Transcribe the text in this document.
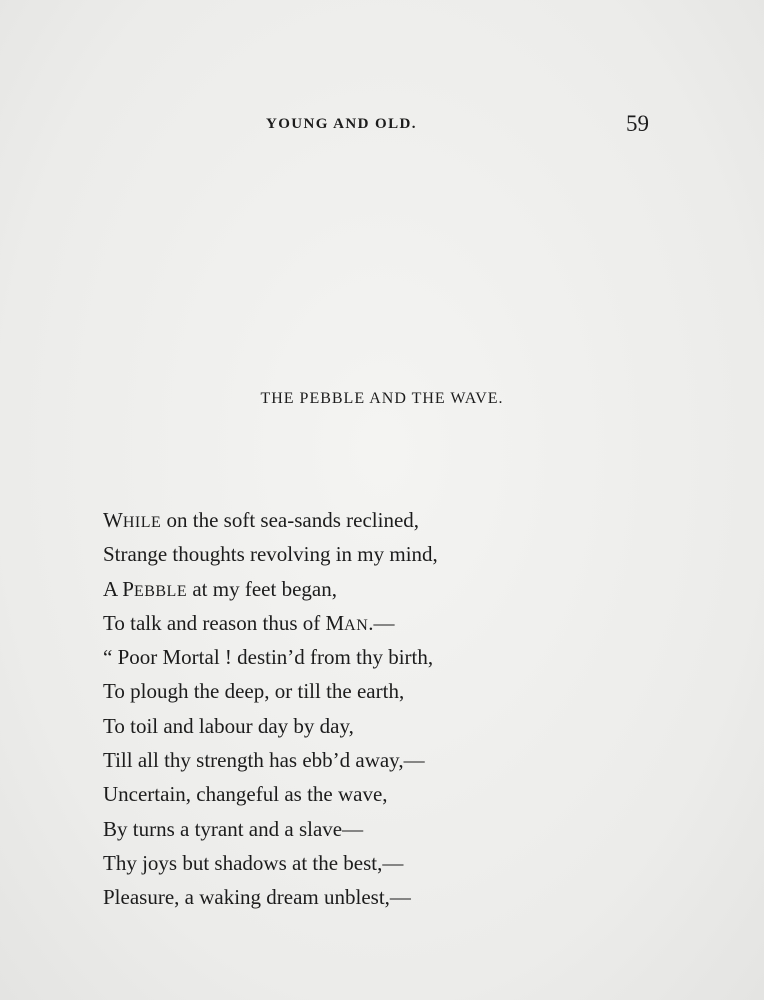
YOUNG AND OLD.	59
THE PEBBLE AND THE WAVE.
WHILE on the soft sea-sands reclined,
Strange thoughts revolving in my mind,
A PEBBLE at my feet began,
To talk and reason thus of MAN.—
“ Poor Mortal ! destin’d from thy birth,
To plough the deep, or till the earth,
To toil and labour day by day,
Till all thy strength has ebb’d away,—
Uncertain, changeful as the wave,
By turns a tyrant and a slave—
Thy joys but shadows at the best,—
Pleasure, a waking dream unblest,—
